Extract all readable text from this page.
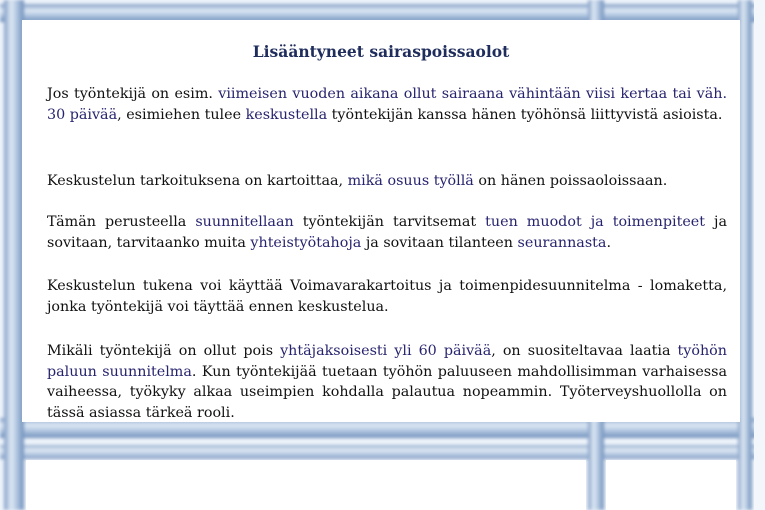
Lisääntyneet sairaspoissaolot

Jos työntekijä on esim. viimeisen vuoden aikana ollut sairaana vähintään viisi kertaa tai väh. 30 päivää, esimiehen tulee keskustella työntekijän kanssa hänen työhönsä liittyvistä asioista.

Keskustelun tarkoituksena on kartoittaa, mikä osuus työllä on hänen poissaoloissaan.

Tämän perusteella suunnitellaan työntekijän tarvitsemat tuen muodot ja toimenpiteet ja sovitaan, tarvitaanko muita yhteistyötahoja ja sovitaan tilanteen seurannasta.

Keskustelun tukena voi käyttää Voimavarakartoitus ja toimenpidesuunnitelma - lomaketta, jonka työntekijä voi täyttää ennen keskustelua.

Mikäli työntekijä on ollut pois yhtäjaksoisesti yli 60 päivää, on suositeltavaa laatia työhön paluun suunnitelma. Kun työntekijää tuetaan työhön paluuseen mahdollisimman varhaisessa vaiheessa, työkyky alkaa useimpien kohdalla palautua nopeammin. Työterveyshuollolla on tässä asiassa tärkeä rooli.
